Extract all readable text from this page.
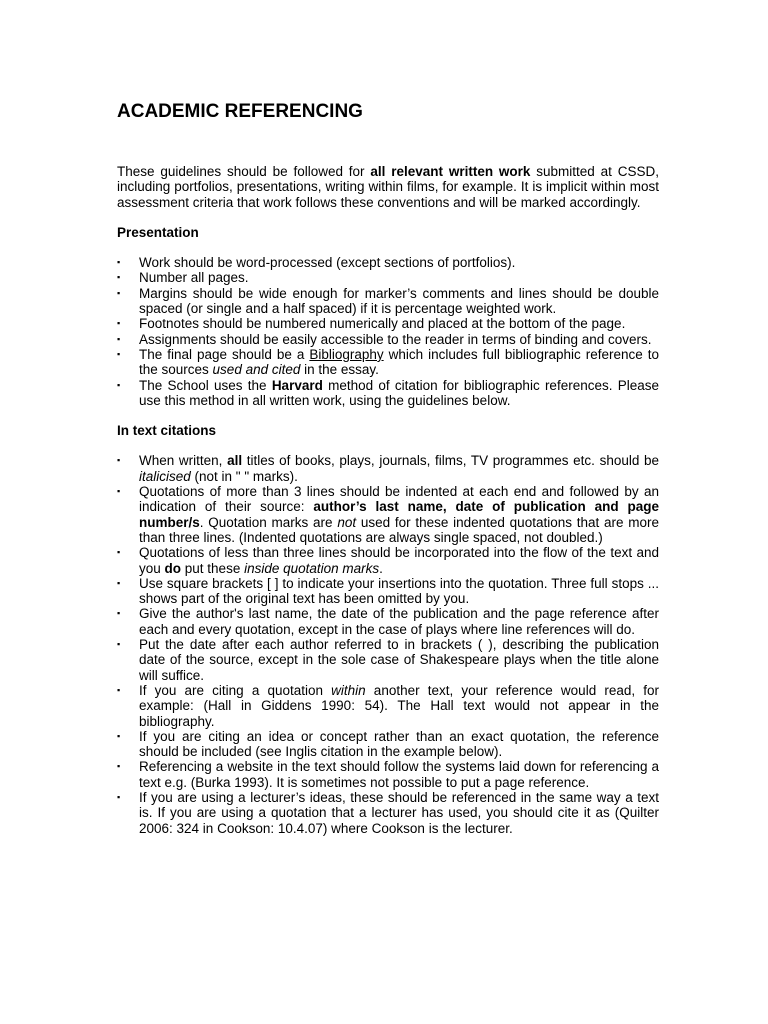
ACADEMIC REFERENCING

These guidelines should be followed for all relevant written work submitted at CSSD, including portfolios, presentations, writing within films, for example. It is implicit within most assessment criteria that work follows these conventions and will be marked accordingly.

Presentation
▪ Work should be word-processed (except sections of portfolios).
▪ Number all pages.
▪ Margins should be wide enough for marker’s comments and lines should be double spaced (or single and a half spaced) if it is percentage weighted work.
▪ Footnotes should be numbered numerically and placed at the bottom of the page.
▪ Assignments should be easily accessible to the reader in terms of binding and covers.
▪ The final page should be a Bibliography which includes full bibliographic reference to the sources used and cited in the essay.
▪ The School uses the Harvard method of citation for bibliographic references. Please use this method in all written work, using the guidelines below.
In text citations
▪ When written, all titles of books, plays, journals, films, TV programmes etc. should be italicised (not in " " marks).
▪ Quotations of more than 3 lines should be indented at each end and followed by an indication of their source: author’s last name, date of publication and page number/s. Quotation marks are not used for these indented quotations that are more than three lines. (Indented quotations are always single spaced, not doubled.)
▪ Quotations of less than three lines should be incorporated into the flow of the text and you do put these inside quotation marks.
▪ Use square brackets [ ] to indicate your insertions into the quotation. Three full stops ... shows part of the original text has been omitted by you.
▪ Give the author's last name, the date of the publication and the page reference after each and every quotation, except in the case of plays where line references will do.
▪ Put the date after each author referred to in brackets ( ), describing the publication date of the source, except in the sole case of Shakespeare plays when the title alone will suffice.
▪ If you are citing a quotation within another text, your reference would read, for example: (Hall in Giddens 1990: 54). The Hall text would not appear in the bibliography.
▪ If you are citing an idea or concept rather than an exact quotation, the reference should be included (see Inglis citation in the example below).
▪ Referencing a website in the text should follow the systems laid down for referencing a text e.g. (Burka 1993). It is sometimes not possible to put a page reference.
▪ If you are using a lecturer’s ideas, these should be referenced in the same way a text is. If you are using a quotation that a lecturer has used, you should cite it as (Quilter 2006: 324 in Cookson: 10.4.07) where Cookson is the lecturer.
